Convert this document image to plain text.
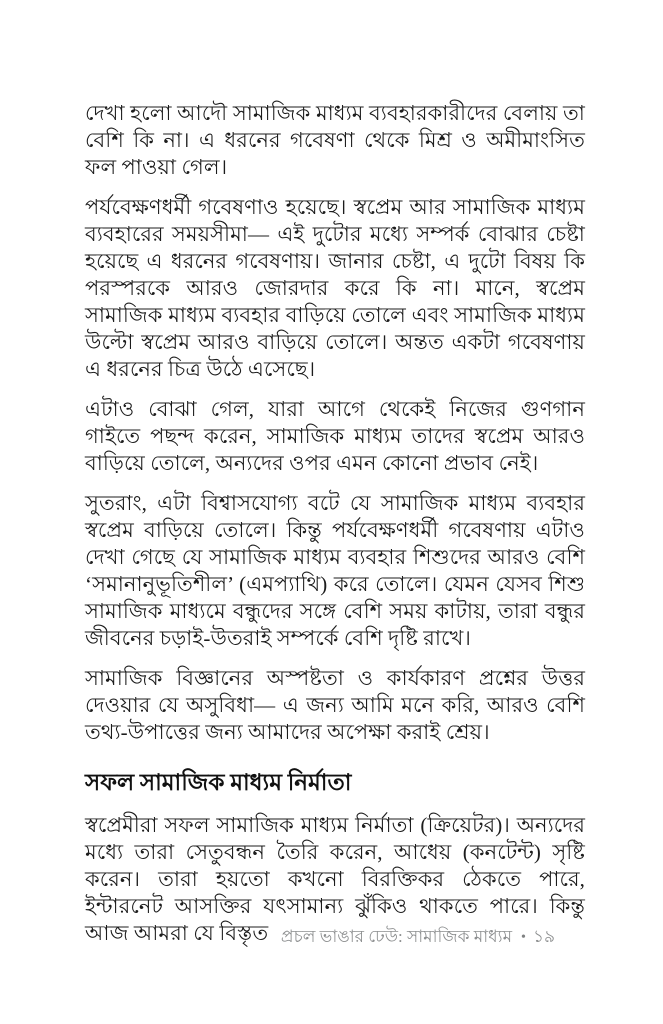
দেখা হলো আদৌ সামাজিক মাধ্যম ব্যবহারকারীদের বেলায় তা বেশি কি না। এ ধরনের গবেষণা থেকে মিশ্র ও অমীমাংসিত ফল পাওয়া গেল।

পর্যবেক্ষণধর্মী গবেষণাও হয়েছে। স্বপ্রেম আর সামাজিক মাধ্যম ব্যবহারের সময়সীমা— এই দুটোর মধ্যে সম্পর্ক বোঝার চেষ্টা হয়েছে এ ধরনের গবেষণায়। জানার চেষ্টা, এ দুটো বিষয় কি পরস্পরকে আরও জোরদার করে কি না। মানে, স্বপ্রেম সামাজিক মাধ্যম ব্যবহার বাড়িয়ে তোলে এবং সামাজিক মাধ্যম উল্টো স্বপ্রেম আরও বাড়িয়ে তোলে। অন্তত একটা গবেষণায় এ ধরনের চিত্র উঠে এসেছে।

এটাও বোঝা গেল, যারা আগে থেকেই নিজের গুণগান গাইতে পছন্দ করেন, সামাজিক মাধ্যম তাদের স্বপ্রেম আরও বাড়িয়ে তোলে, অন্যদের ওপর এমন কোনো প্রভাব নেই।

সুতরাং, এটা বিশ্বাসযোগ্য বটে যে সামাজিক মাধ্যম ব্যবহার স্বপ্রেম বাড়িয়ে তোলে। কিন্তু পর্যবেক্ষণধর্মী গবেষণায় এটাও দেখা গেছে যে সামাজিক মাধ্যম ব্যবহার শিশুদের আরও বেশি ‘সমানানুভূতিশীল’ (এমপ্যাথি) করে তোলে। যেমন যেসব শিশু সামাজিক মাধ্যমে বন্ধুদের সঙ্গে বেশি সময় কাটায়, তারা বন্ধুর জীবনের চড়াই-উতরাই সম্পর্কে বেশি দৃষ্টি রাখে।

সামাজিক বিজ্ঞানের অস্পষ্টতা ও কার্যকারণ প্রশ্নের উত্তর দেওয়ার যে অসুবিধা— এ জন্য আমি মনে করি, আরও বেশি তথ্য-উপাত্তের জন্য আমাদের অপেক্ষা করাই শ্রেয়।

সফল সামাজিক মাধ্যম নির্মাতা

স্বপ্রেমীরা সফল সামাজিক মাধ্যম নির্মাতা (ক্রিয়েটর)। অন্যদের মধ্যে তারা সেতুবন্ধন তৈরি করেন, আধেয় (কনটেন্ট) সৃষ্টি করেন। তারা হয়তো কখনো বিরক্তিকর ঠেকতে পারে, ইন্টারনেট আসক্তির যৎসামান্য ঝুঁকিও থাকতে পারে। কিন্তু আজ আমরা যে বিস্তৃত প্রচল ভাঙার ঢেউ: সামাজিক মাধ্যম • ১৯
